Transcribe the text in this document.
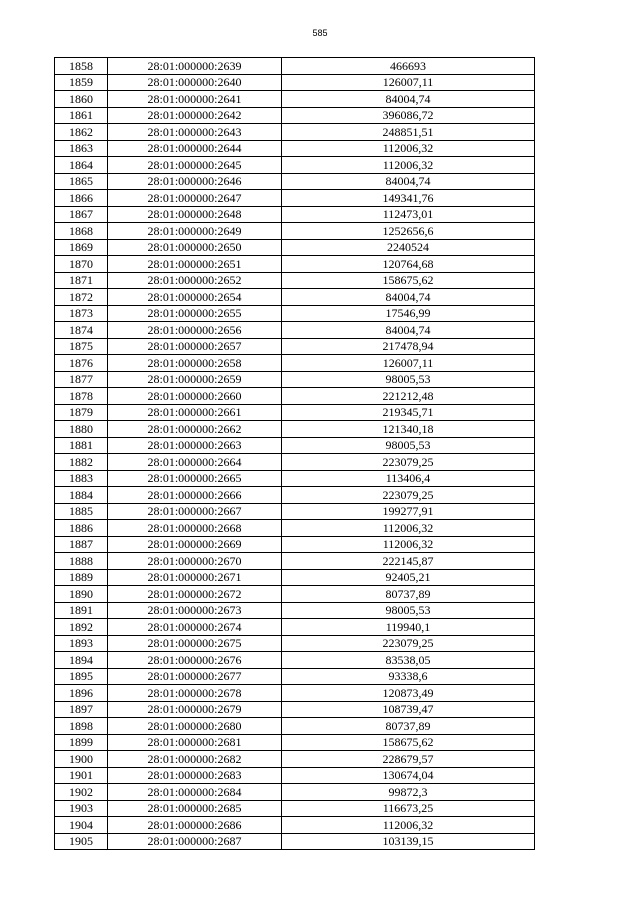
585
1858	28:01:000000:2639	466693
1859	28:01:000000:2640	126007,11
1860	28:01:000000:2641	84004,74
1861	28:01:000000:2642	396086,72
1862	28:01:000000:2643	248851,51
1863	28:01:000000:2644	112006,32
1864	28:01:000000:2645	112006,32
1865	28:01:000000:2646	84004,74
1866	28:01:000000:2647	149341,76
1867	28:01:000000:2648	112473,01
1868	28:01:000000:2649	1252656,6
1869	28:01:000000:2650	2240524
1870	28:01:000000:2651	120764,68
1871	28:01:000000:2652	158675,62
1872	28:01:000000:2654	84004,74
1873	28:01:000000:2655	17546,99
1874	28:01:000000:2656	84004,74
1875	28:01:000000:2657	217478,94
1876	28:01:000000:2658	126007,11
1877	28:01:000000:2659	98005,53
1878	28:01:000000:2660	221212,48
1879	28:01:000000:2661	219345,71
1880	28:01:000000:2662	121340,18
1881	28:01:000000:2663	98005,53
1882	28:01:000000:2664	223079,25
1883	28:01:000000:2665	113406,4
1884	28:01:000000:2666	223079,25
1885	28:01:000000:2667	199277,91
1886	28:01:000000:2668	112006,32
1887	28:01:000000:2669	112006,32
1888	28:01:000000:2670	222145,87
1889	28:01:000000:2671	92405,21
1890	28:01:000000:2672	80737,89
1891	28:01:000000:2673	98005,53
1892	28:01:000000:2674	119940,1
1893	28:01:000000:2675	223079,25
1894	28:01:000000:2676	83538,05
1895	28:01:000000:2677	93338,6
1896	28:01:000000:2678	120873,49
1897	28:01:000000:2679	108739,47
1898	28:01:000000:2680	80737,89
1899	28:01:000000:2681	158675,62
1900	28:01:000000:2682	228679,57
1901	28:01:000000:2683	130674,04
1902	28:01:000000:2684	99872,3
1903	28:01:000000:2685	116673,25
1904	28:01:000000:2686	112006,32
1905	28:01:000000:2687	103139,15
